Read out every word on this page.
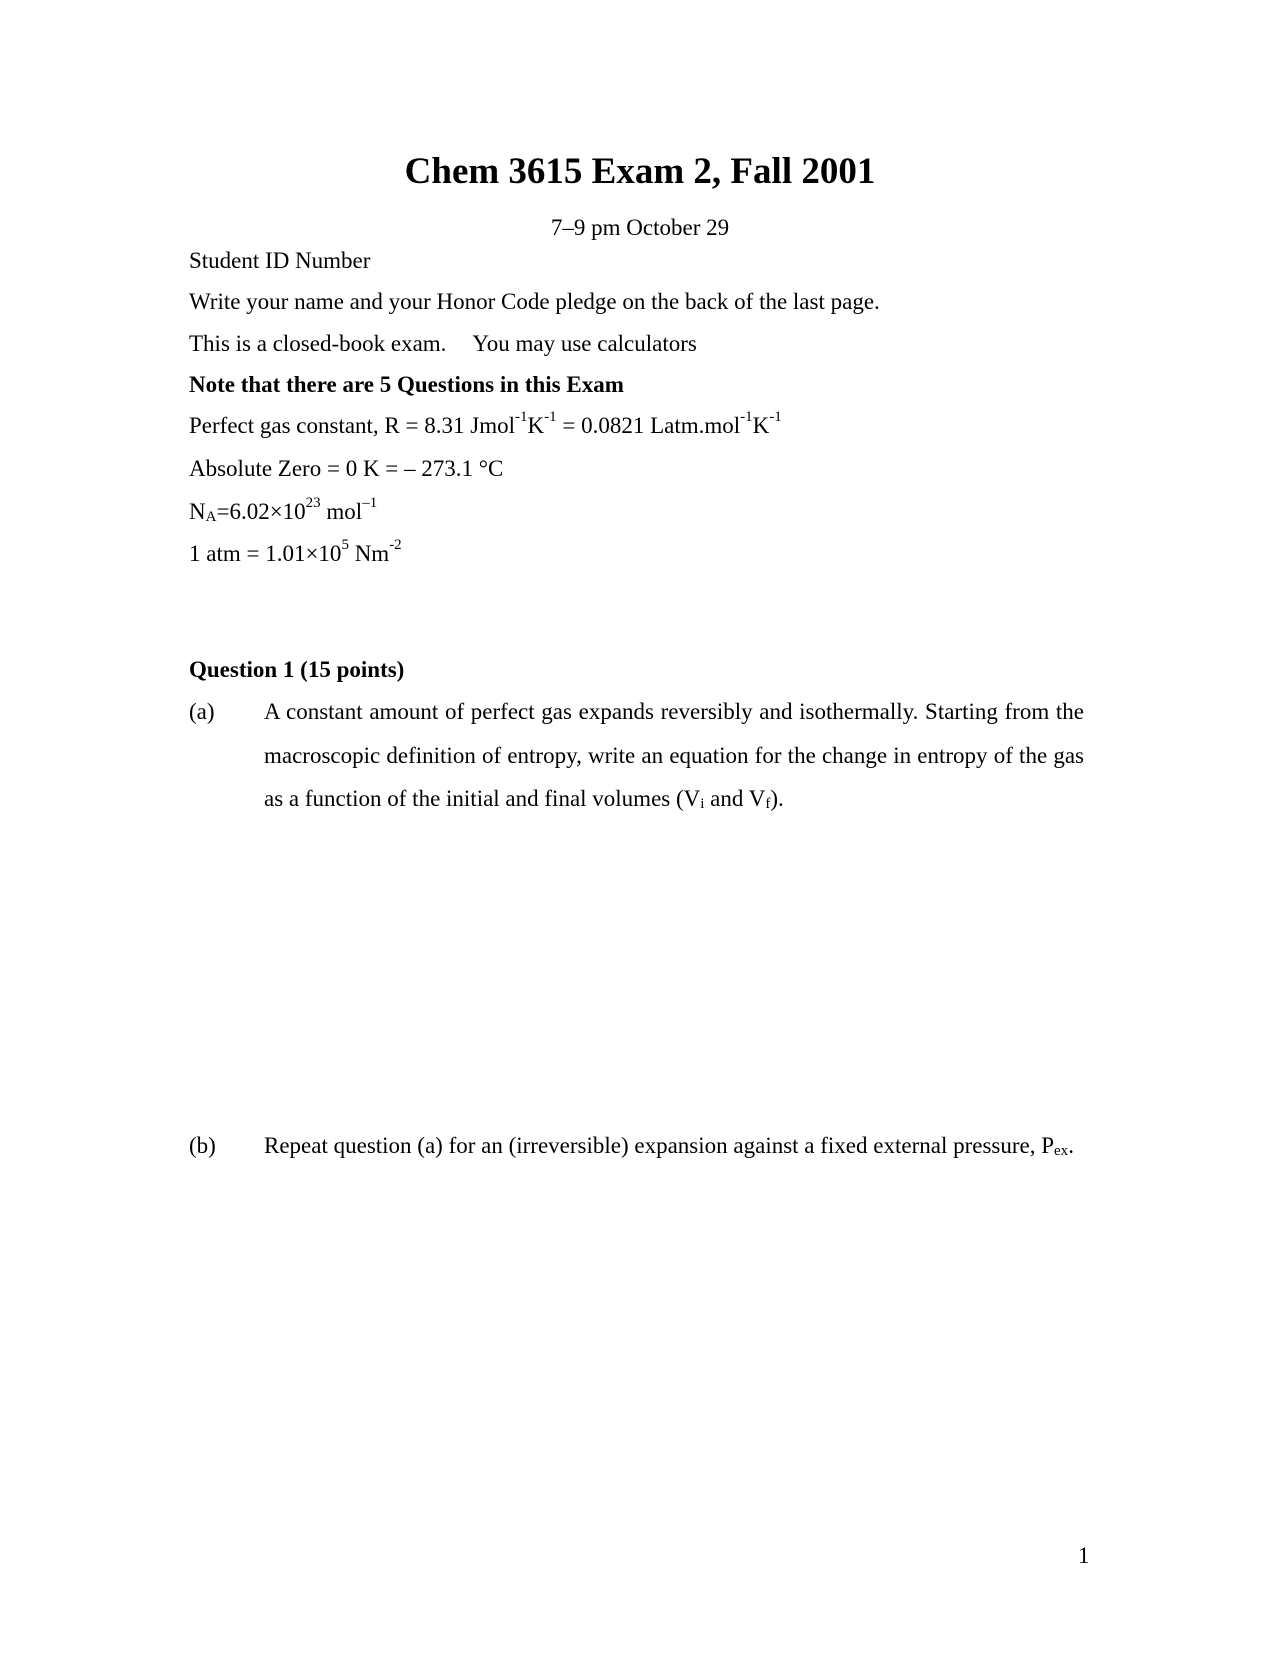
Chem 3615 Exam 2, Fall 2001
7–9 pm October 29
Student ID Number
Write your name and your Honor Code pledge on the back of the last page.
This is a closed-book exam. You may use calculators
Note that there are 5 Questions in this Exam
Perfect gas constant, R = 8.31 $Jmol^{-1}K^{-1} = 0.0821$ $Latm.mol^{-1}K^{-1}$
Absolute Zero = 0 K = – 273.1 °C
$N_A=6.02\times 10^{23}$ mol$^{-1}$
1 atm = $1.01\times 10^5$ $Nm^{-2}$
Question 1 (15 points)
(a) A constant amount of perfect gas expands reversibly and isothermally. Starting from the macroscopic definition of entropy, write an equation for the change in entropy of the gas as a function of the initial and final volumes ($V_i$ and $V_f$).
(b) Repeat question (a) for an (irreversible) expansion against a fixed external pressure, $P_{ex}$.
1
